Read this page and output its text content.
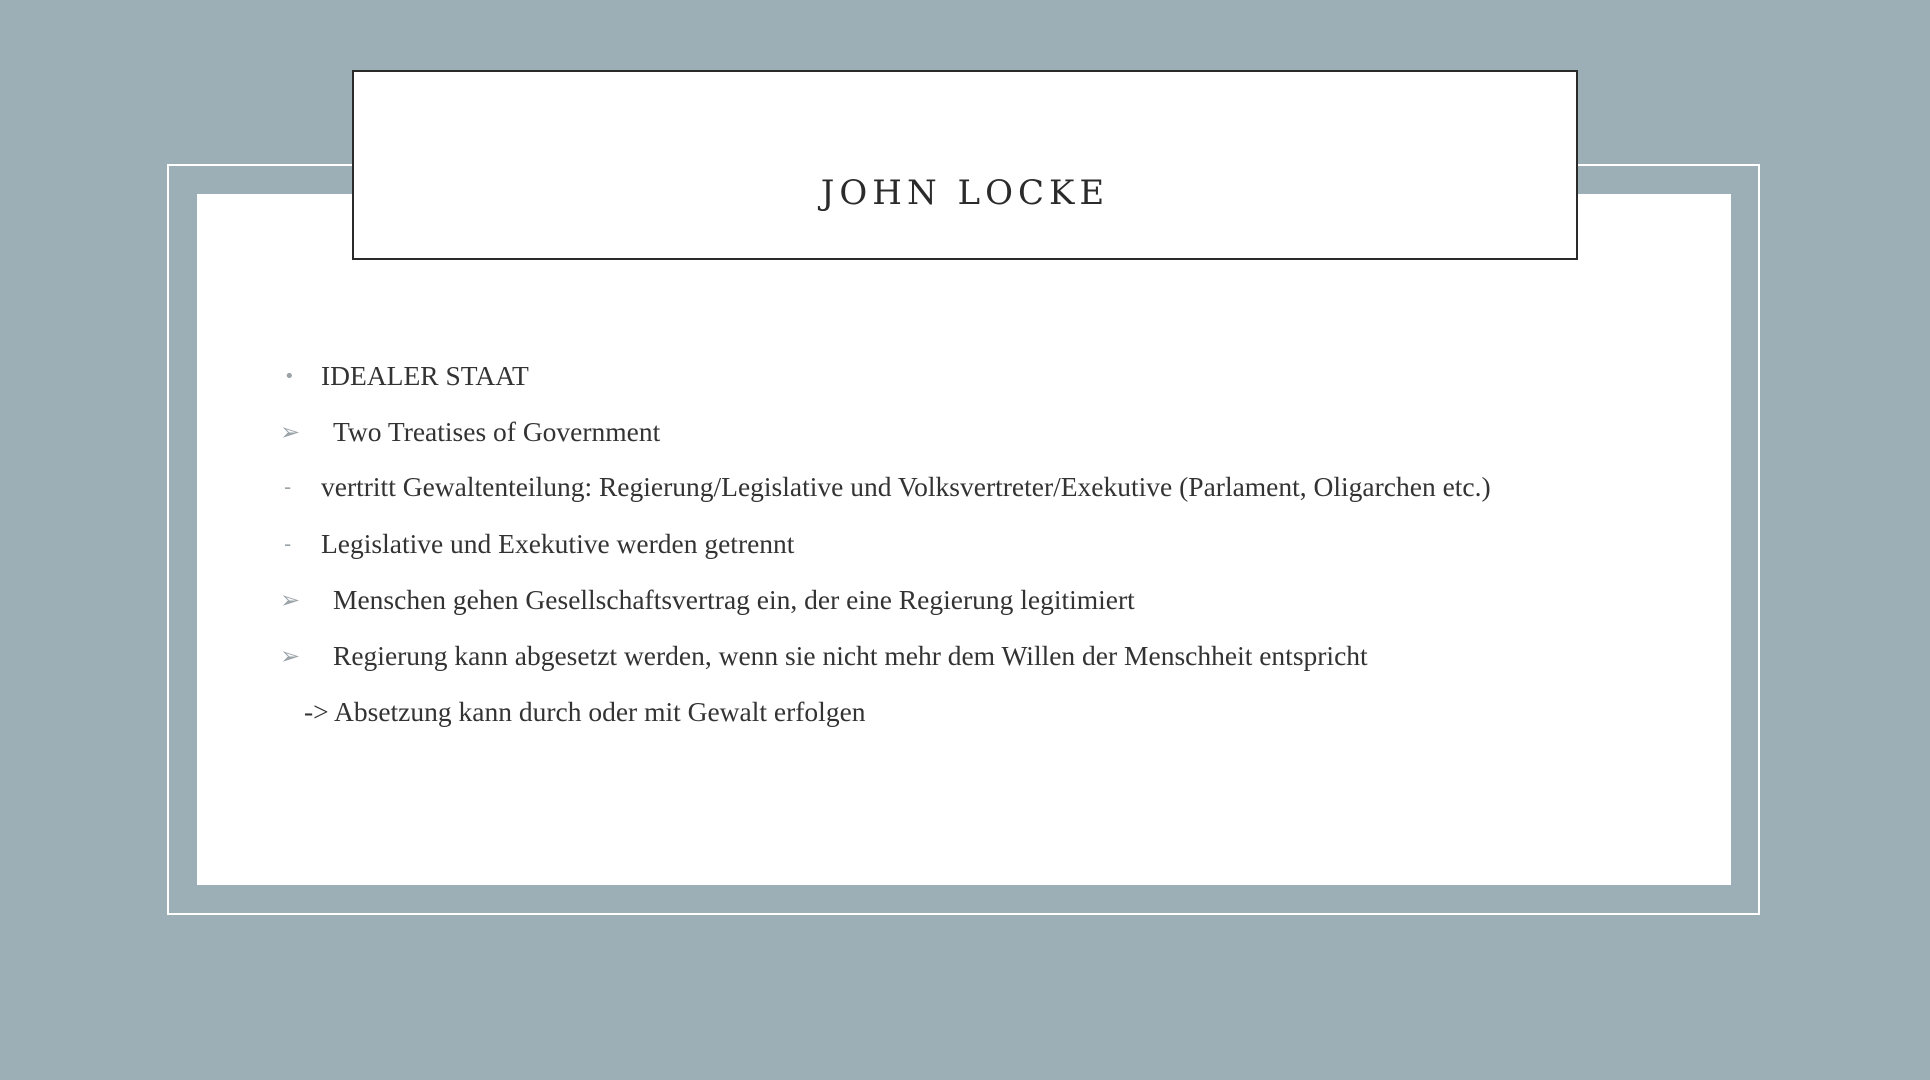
JOHN LOCKE
• IDEALER STAAT
➢	Two Treatises of Government
-	vertritt Gewaltenteilung: Regierung/Legislative und Volksvertreter/Exekutive (Parlament, Oligarchen etc.)
-	Legislative und Exekutive werden getrennt
➢	Menschen gehen Gesellschaftsvertrag ein, der eine Regierung legitimiert
➢	Regierung kann abgesetzt werden, wenn sie nicht mehr dem Willen der Menschheit entspricht
-> Absetzung kann durch oder mit Gewalt erfolgen
